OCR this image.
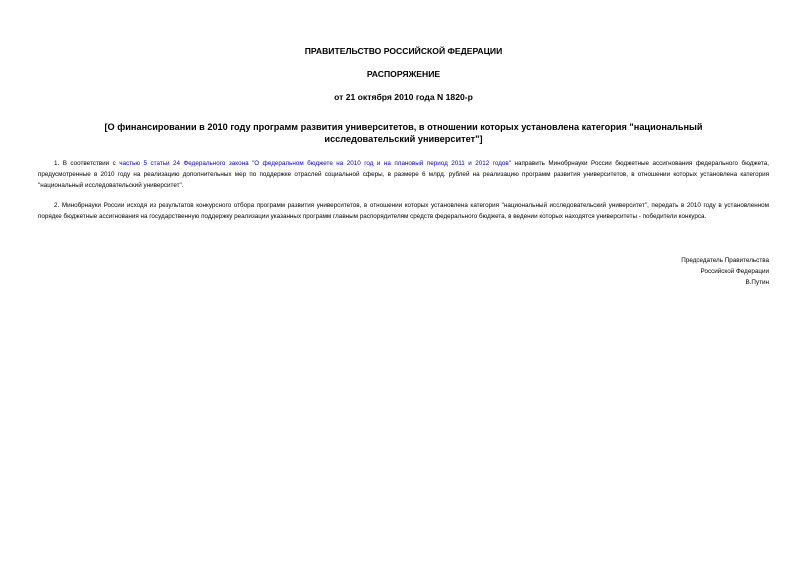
ПРАВИТЕЛЬСТВО РОССИЙСКОЙ ФЕДЕРАЦИИ
РАСПОРЯЖЕНИЕ
от 21 октября 2010 года N 1820-р
[О финансировании в 2010 году программ развития университетов, в отношении которых установлена категория "национальный исследовательский университет"]

1. В соответствии с частью 5 статьи 24 Федерального закона "О федеральном бюджете на 2010 год и на плановый период 2011 и 2012 годов" направить Минобрнауки России бюджетные ассигнования федерального бюджета, предусмотренные в 2010 году на реализацию дополнительных мер по поддержке отраслей социальной сферы, в размере 6 млрд. рублей на реализацию программ развития университетов, в отношении которых установлена категория "национальный исследовательский университет".

2. Минобрнауки России исходя из результатов конкурсного отбора программ развития университетов, в отношении которых установлена категория "национальный исследовательский университет", передать в 2010 году в установленном порядке бюджетные ассигнования на государственную поддержку реализации указанных программ главным распорядителям средств федерального бюджета, в ведении которых находятся университеты - победители конкурса.

Председатель Правительства
Российской Федерации
В.Путин
